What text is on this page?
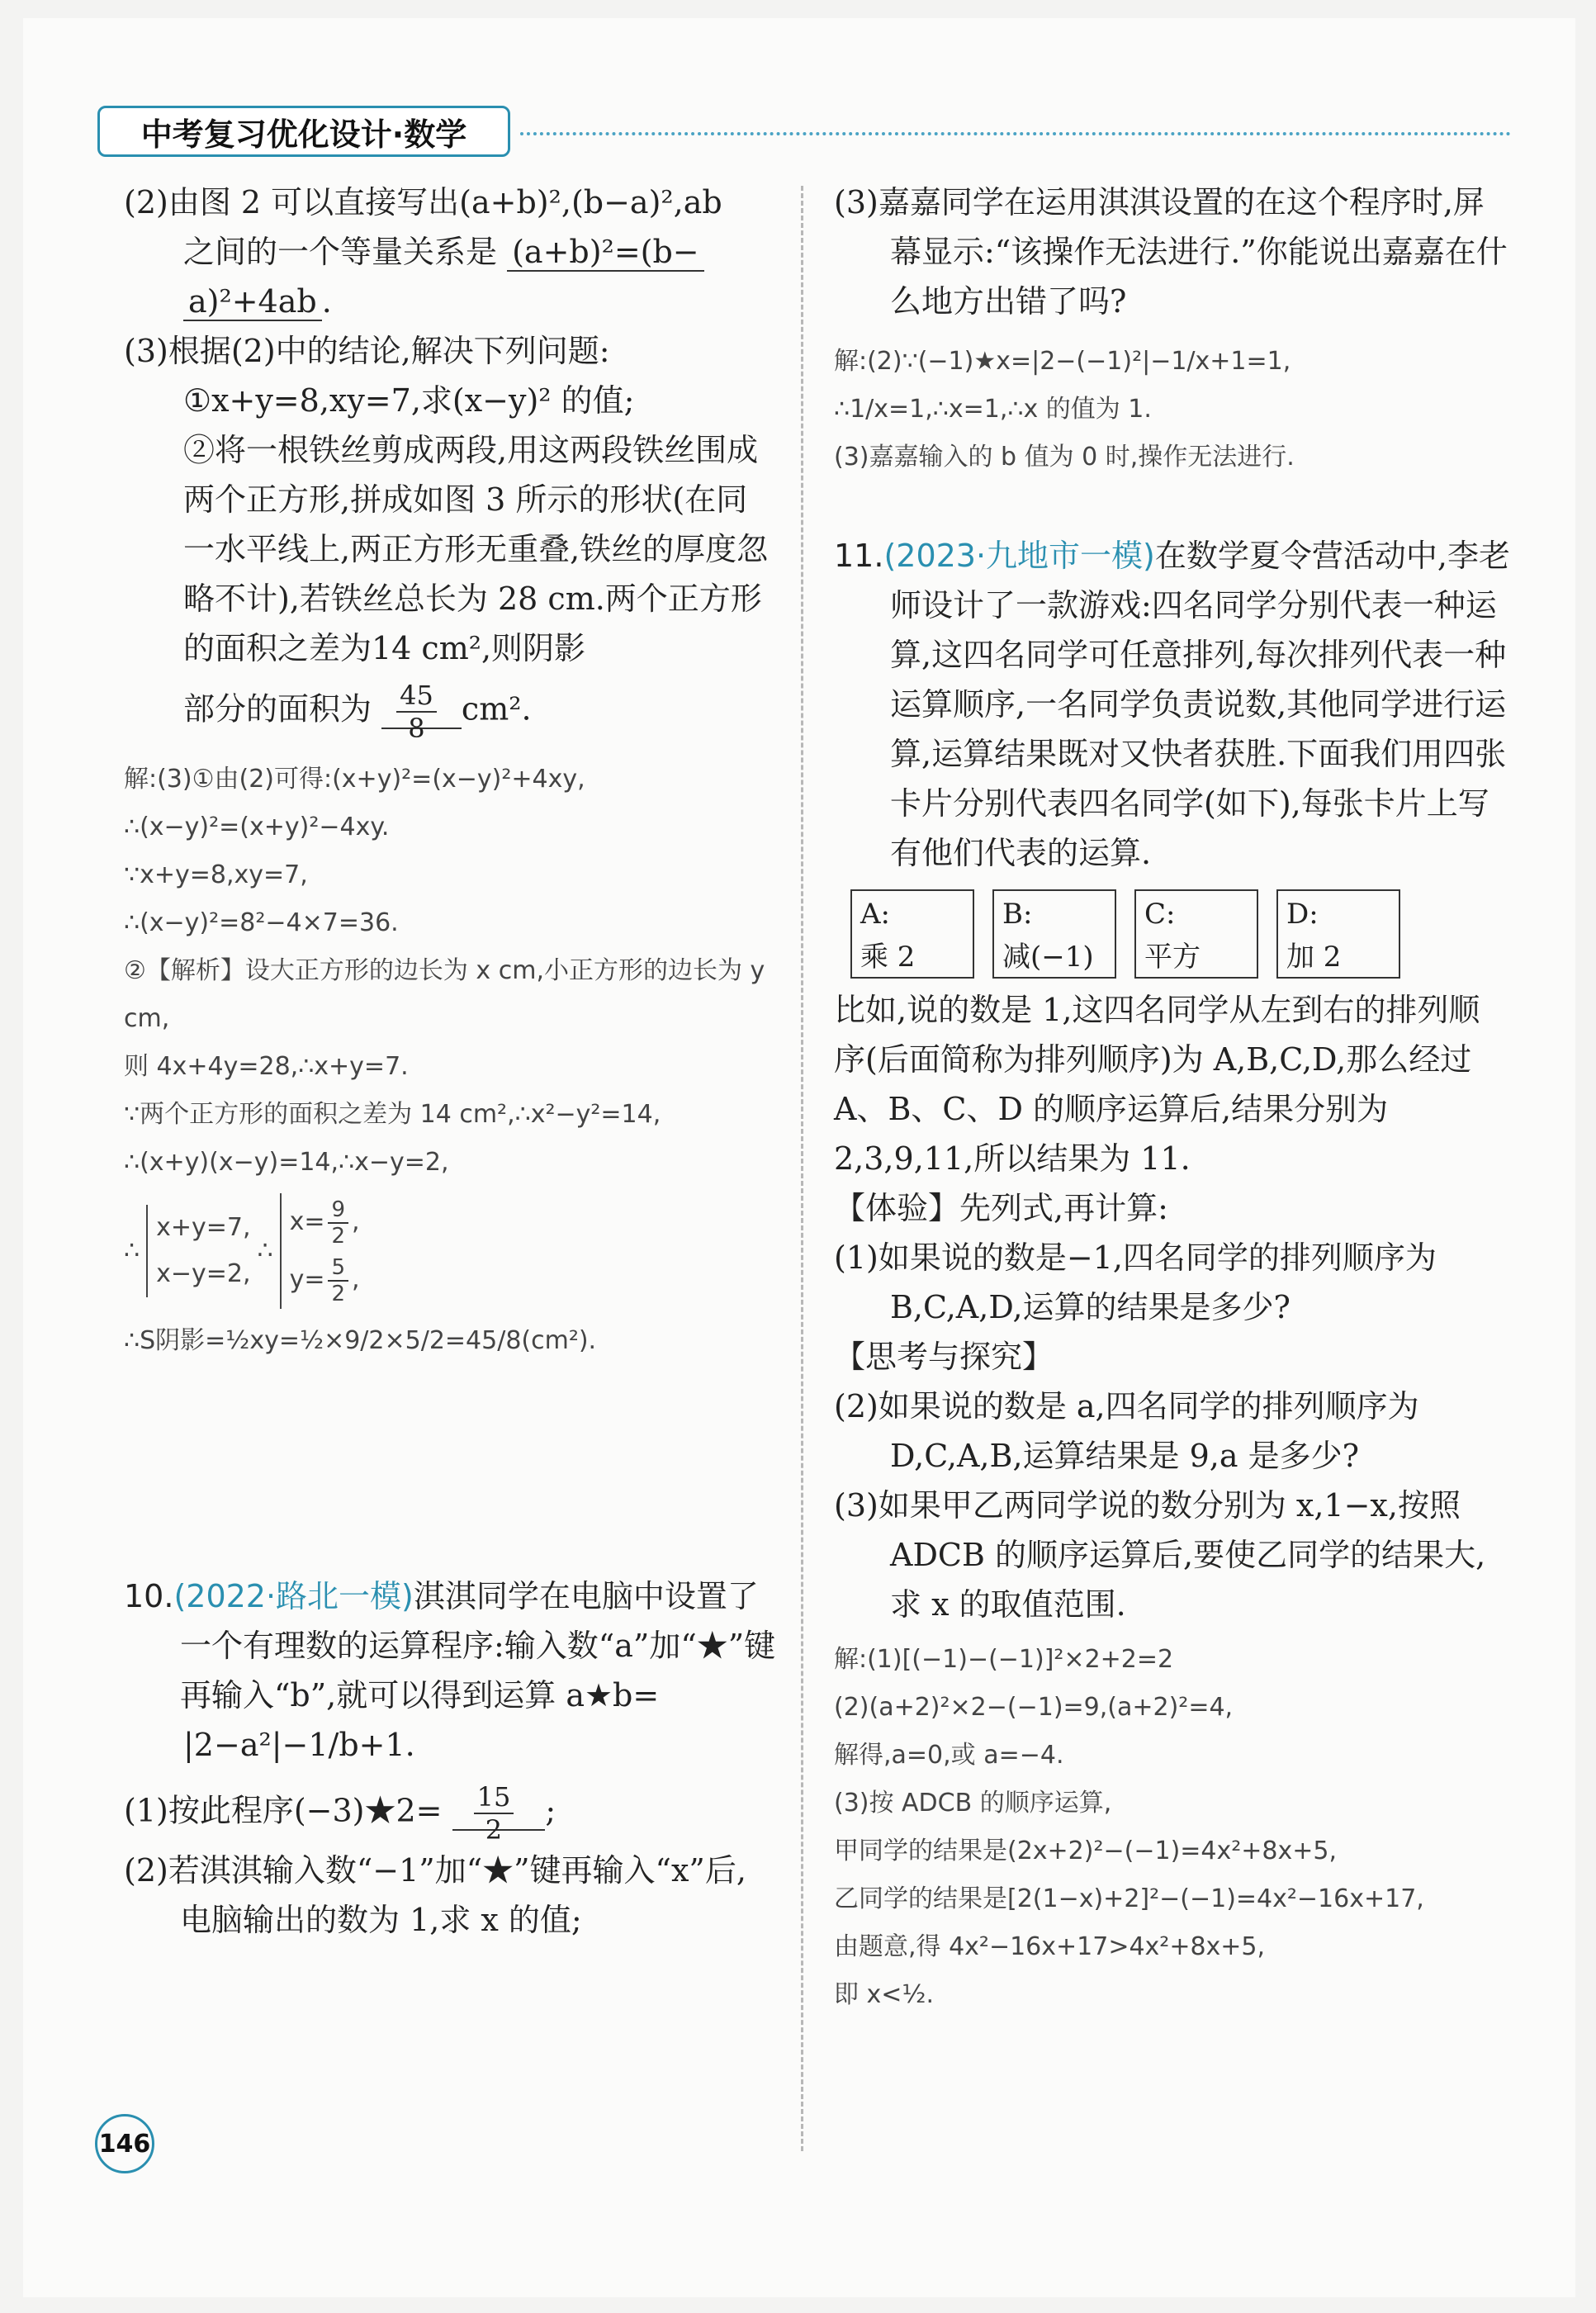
中考复习优化设计·数学

(2)由图 2 可以直接写出(a+b)²,(b−a)²,ab

之间的一个等量关系是 (a+b)²=(b−

a)²+4ab .

(3)根据(2)中的结论,解决下列问题:

①x+y=8,xy=7,求(x−y)² 的值;

②将一根铁丝剪成两段,用这两段铁丝围成两个正方形,拼成如图 3 所示的形状(在同一水平线上,两正方形无重叠,铁丝的厚度忽略不计),若铁丝总长为 28 cm.两个正方形的面积之差为14 cm²,则阴影

部分的面积为 $\frac{45}{8} cm^2$.

解:(3)①由(2)可得:(x+y)²=(x−y)²+4xy,
∴(x−y)²=(x+y)²−4xy.
∵x+y=8,xy=7,
∴(x−y)²=8²−4×7=36.
②【解析】设大正方形的边长为 x cm,小正方形的边长为 y cm,
则 4x+4y=28,∴x+y=7.
∵两个正方形的面积之差为 14 cm²,∴x²−y²=14,
∴(x+y)(x−y)=14,∴x−y=2,
∴
x+y=7,
x−y=2,
∴
$x= \frac{9}{2}$ ,
$y= \frac{5}{2}$ ,
∴S阴影=½xy=½×9/2×5/2=45/8(cm²).

10.(2022·路北一模)淇淇同学在电脑中设置了一个有理数的运算程序:输入数“a”加“★”键再输入“b”,就可以得到运算 a★b=

|2−a²|−1/b+1.

(1)按此程序(−3)★2= $\frac{15}{2}$ ;

(2)若淇淇输入数“−1”加“★”键再输入“x”后,电脑输出的数为 1,求 x 的值;

(3)嘉嘉同学在运用淇淇设置的在这个程序时,屏幕显示:“该操作无法进行.”你能说出嘉嘉在什么地方出错了吗?

解:(2)∵(−1)★x=|2−(−1)²|−1/x+1=1,
∴1/x=1,∴x=1,∴x 的值为 1.
(3)嘉嘉输入的 b 值为 0 时,操作无法进行.

11.(2023·九地市一模)在数学夏令营活动中,李老师设计了一款游戏:四名同学分别代表一种运算,这四名同学可任意排列,每次排列代表一种运算顺序,一名同学负责说数,其他同学进行运算,运算结果既对又快者获胜.下面我们用四张卡片分别代表四名同学(如下),每张卡片上写有他们代表的运算.

A:
乘 2
B:
减(−1)
C:
平方
D:
加 2

比如,说的数是 1,这四名同学从左到右的排列顺序(后面简称为排列顺序)为 A,B,C,D,那么经过 A、B、C、D 的顺序运算后,结果分别为 2,3,9,11,所以结果为 11.

【体验】先列式,再计算:

(1)如果说的数是−1,四名同学的排列顺序为 B,C,A,D,运算的结果是多少?

【思考与探究】

(2)如果说的数是 a,四名同学的排列顺序为 D,C,A,B,运算结果是 9,a 是多少?

(3)如果甲乙两同学说的数分别为 x,1−x,按照 ADCB 的顺序运算后,要使乙同学的结果大,求 x 的取值范围.

解:(1)[(−1)−(−1)]²×2+2=2
(2)(a+2)²×2−(−1)=9,(a+2)²=4,
解得,a=0,或 a=−4.
(3)按 ADCB 的顺序运算,
甲同学的结果是(2x+2)²−(−1)=4x²+8x+5,
乙同学的结果是[2(1−x)+2]²−(−1)=4x²−16x+17,
由题意,得 4x²−16x+17>4x²+8x+5,
即 x<½.
146
